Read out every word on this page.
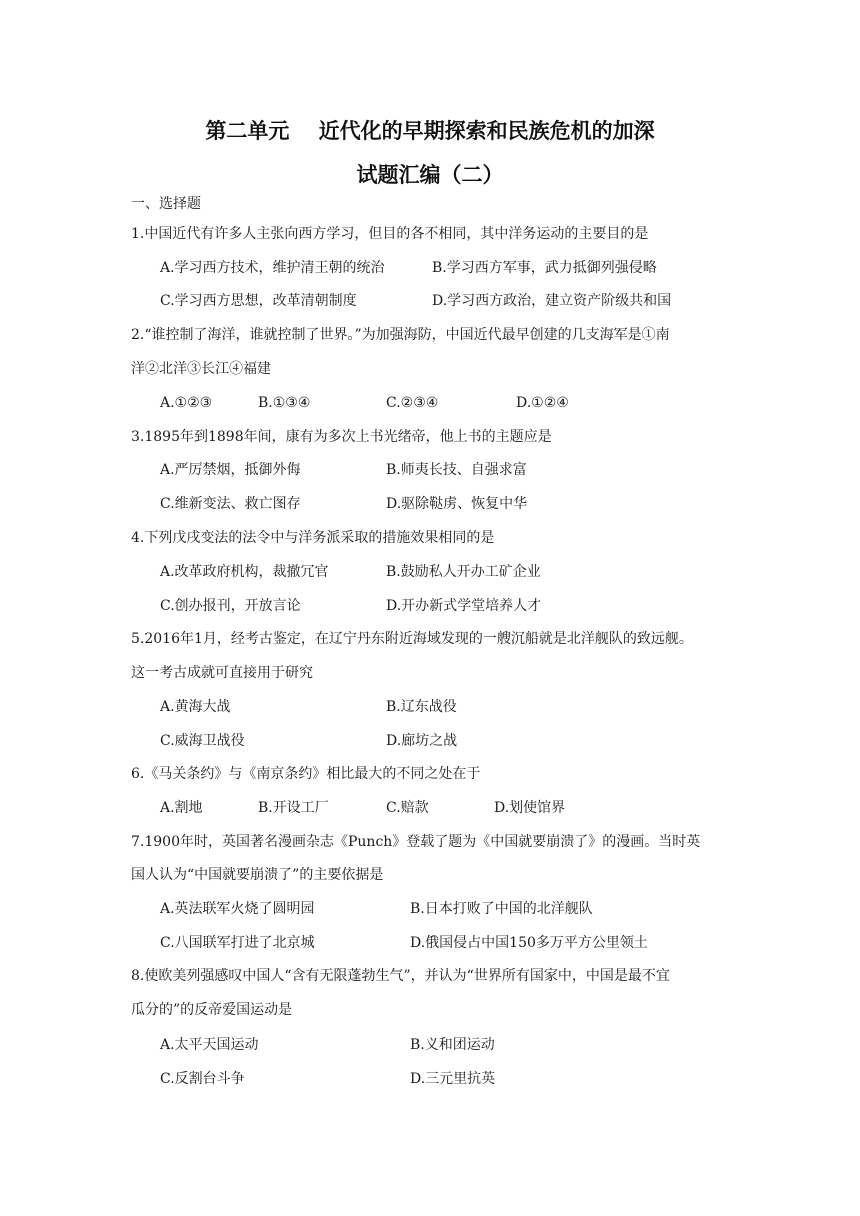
第二单元    近代化的早期探索和民族危机的加深
试题汇编（二）
一、选择题
1.中国近代有许多人主张向西方学习，但目的各不相同，其中洋务运动的主要目的是
A.学习西方技术，维护清王朝的统治	B.学习西方军事，武力抵御列强侵略
C.学习西方思想，改革清朝制度	D.学习西方政治，建立资产阶级共和国
2.“谁控制了海洋，谁就控制了世界。”为加强海防，中国近代最早创建的几支海军是①南
洋②北洋③长江④福建
A.①②③	B.①③④	C.②③④	D.①②④
3.1895年到1898年间，康有为多次上书光绪帝，他上书的主题应是
A.严厉禁烟，抵御外侮	B.师夷长技、自强求富
C.维新变法、救亡图存	D.驱除鞑虏、恢复中华
4.下列戊戌变法的法令中与洋务派采取的措施效果相同的是
A.改革政府机构，裁撤冗官	B.鼓励私人开办工矿企业
C.创办报刊，开放言论	D.开办新式学堂培养人才
5.2016年1月，经考古鉴定，在辽宁丹东附近海域发现的一艘沉船就是北洋舰队的致远舰。
这一考古成就可直接用于研究
A.黄海大战	B.辽东战役
C.威海卫战役	D.廊坊之战
6.《马关条约》与《南京条约》相比最大的不同之处在于
A.割地	B.开设工厂	C.赔款	D.划使馆界
7.1900年时，英国著名漫画杂志《Punch》登载了题为《中国就要崩溃了》的漫画。当时英
国人认为“中国就要崩溃了”的主要依据是
A.英法联军火烧了圆明园	B.日本打败了中国的北洋舰队
C.八国联军打进了北京城	D.俄国侵占中国150多万平方公里领土
8.使欧美列强感叹中国人“含有无限蓬勃生气”，并认为“世界所有国家中，中国是最不宜
瓜分的”的反帝爱国运动是
A.太平天国运动	B.义和团运动
C.反割台斗争	D.三元里抗英
